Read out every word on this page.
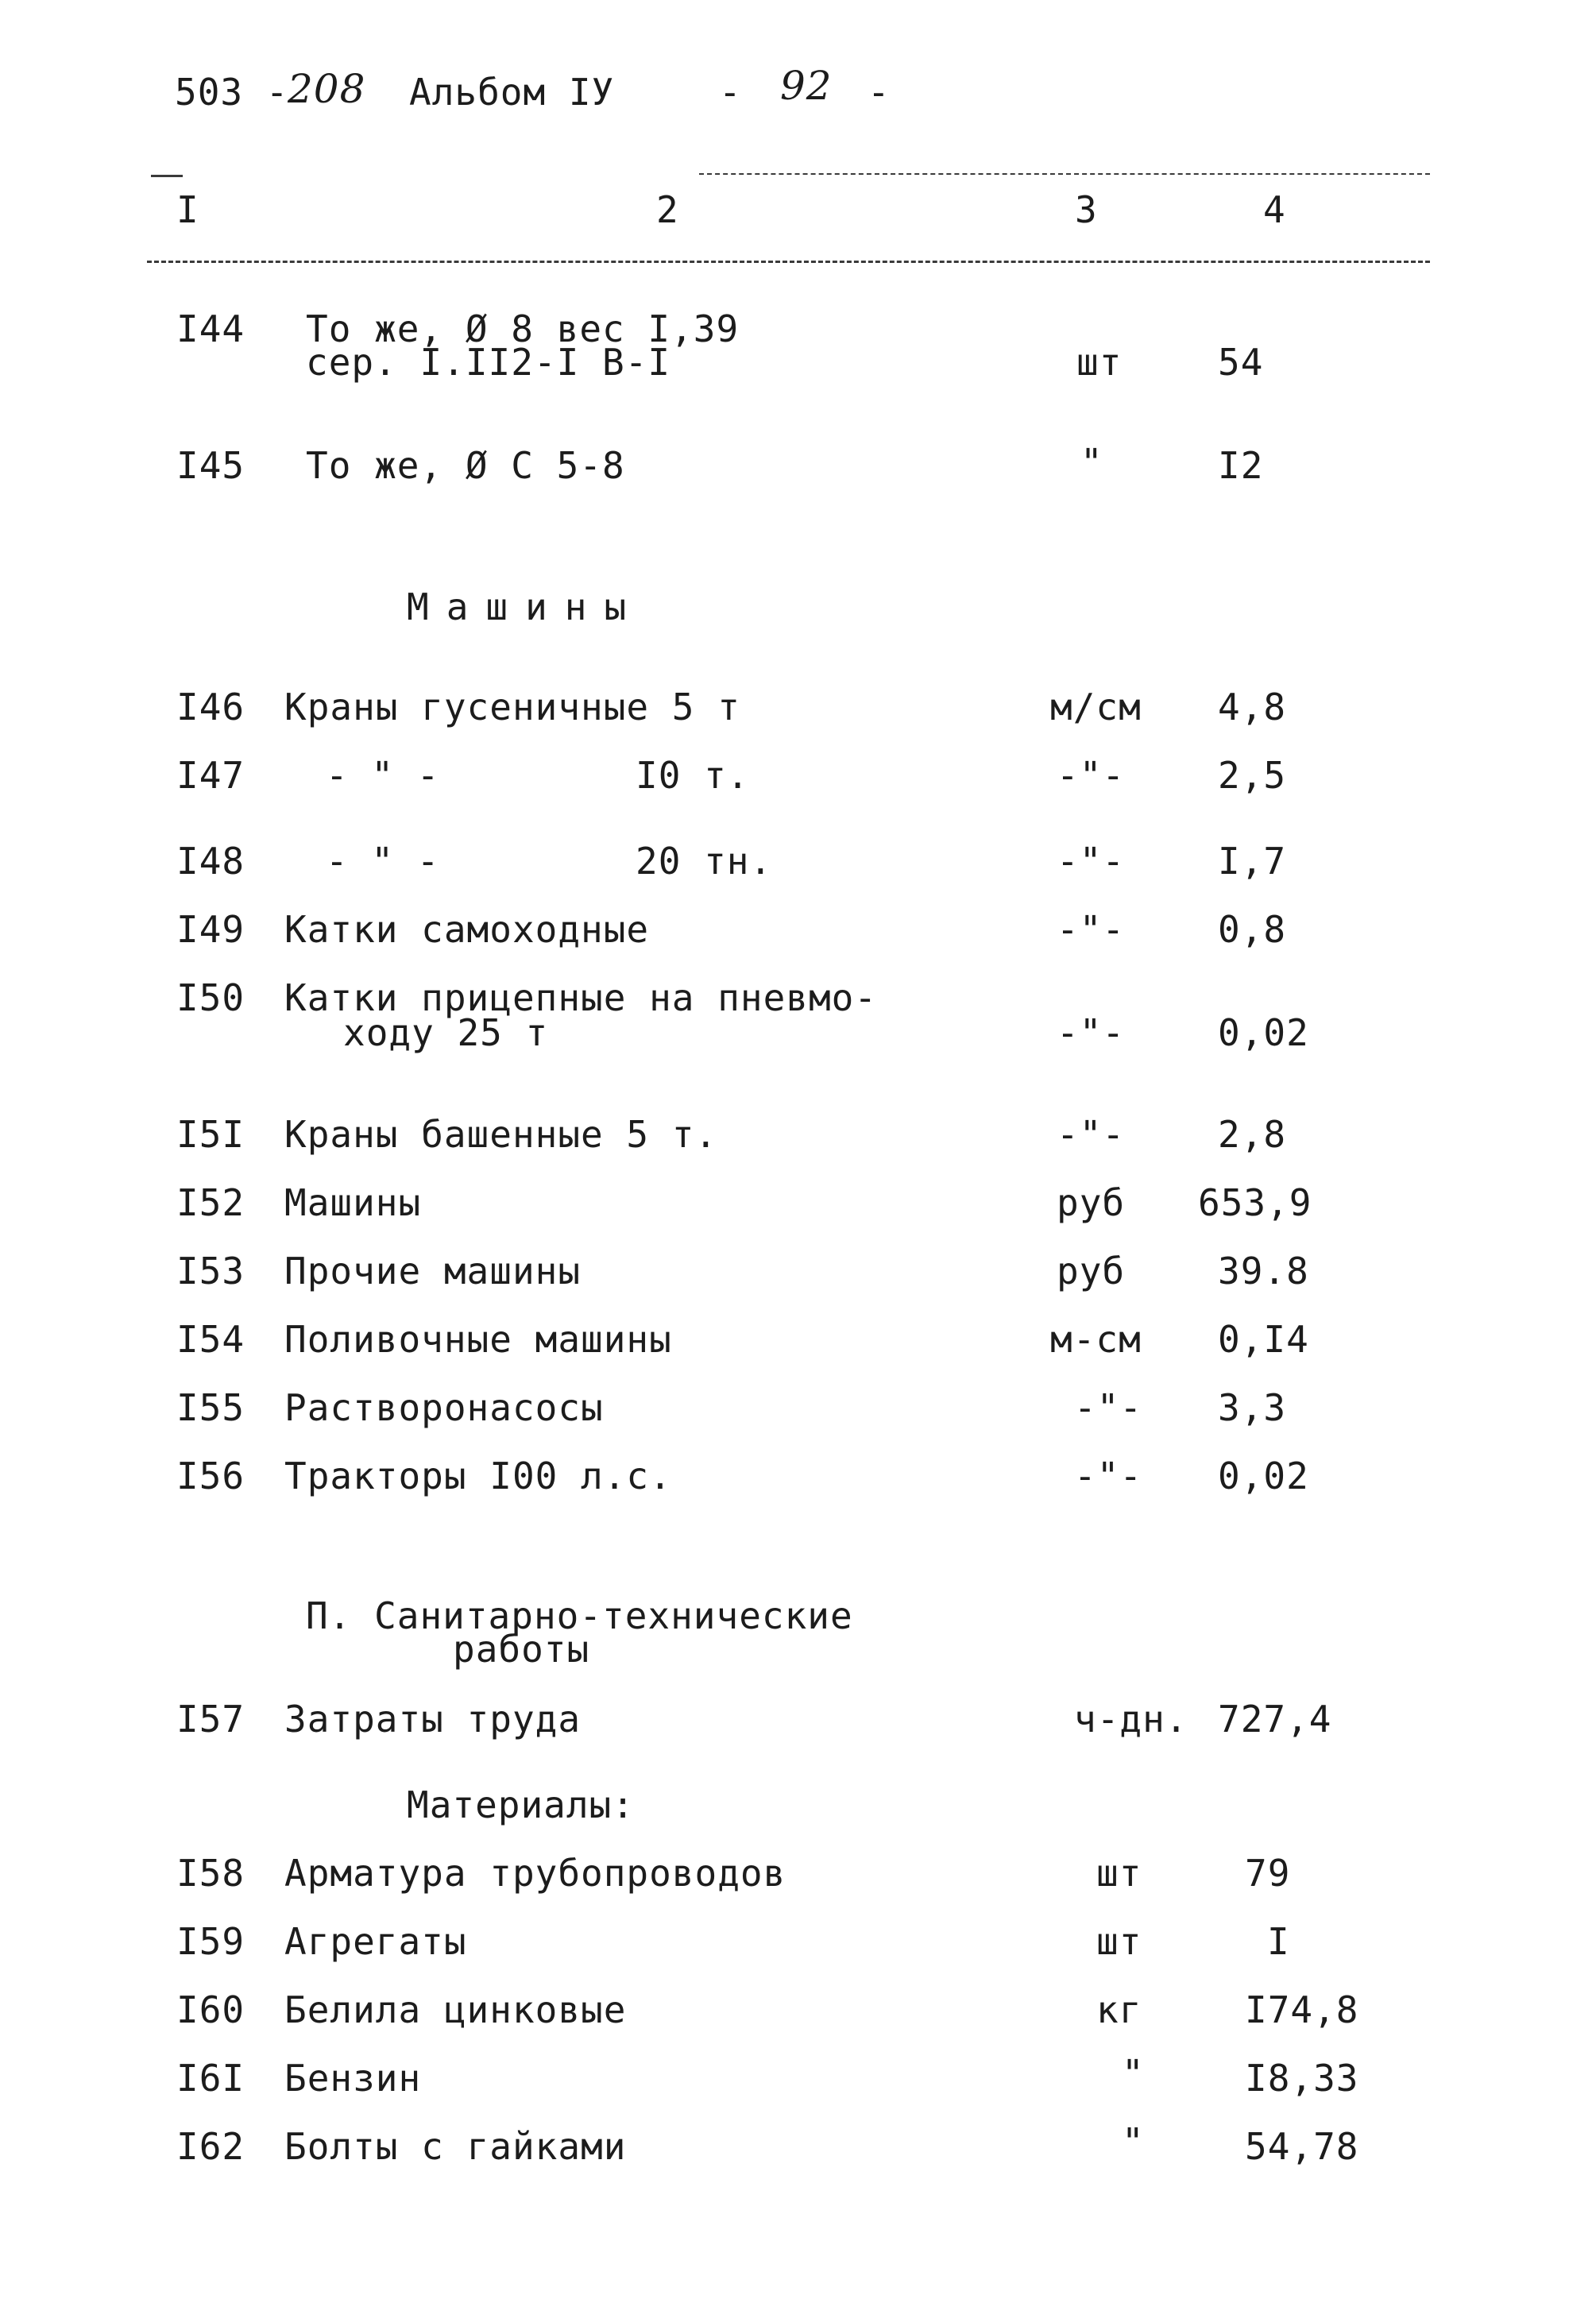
503 -
208 Альбом IУ	- 92 -
I	2	3	4
I44 То же, Ø 8 вес I,39
сер. I.II2-I В-I	шт	54
I45 То же, Ø С 5-8	"	I2
Машины
I46 Краны гусеничные 5 т	м/см 4,8
I47 - " -	I0 т.	-"-	2,5
I48 - " -	20 тн.	-"-	I,7
I49 Катки самоходные	-"-	0,8
I50 Катки прицепные на пневмо-
ходу 25 т	-"-	0,02
I5I Краны башенные 5 т.	-"-	2,8
I52 Машины	руб 653,9
I53 Прочие машины	руб	39.8
I54 Поливочные машины	м-см 0,I4
I55 Растворонасосы	-"- 3,3
I56 Тракторы I00 л.с.	-"- 0,02
П. Санитарно-технические
работы
I57 Затраты труда	ч-дн. 727,4
Материалы:
I58 Арматура трубопроводов	шт	79
I59 Агрегаты	шт	I
I60 Белила цинковые	кг	I74,8
I6I Бензин	"	I8,33
I62 Болты с гайками	"	54,78
